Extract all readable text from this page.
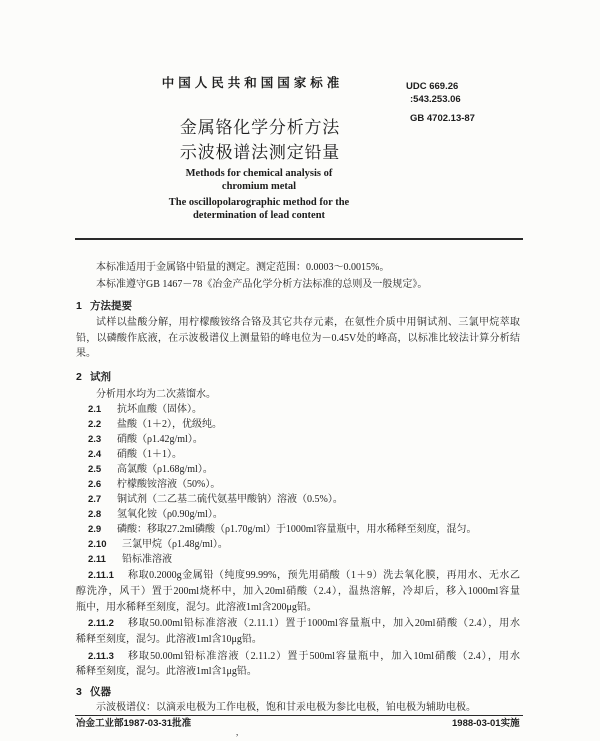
中国人民共和国国家标准	UDC 669.26
:543.253.06
GB 4702.13-87
金属铬化学分析方法
示波极谱法测定铅量
Methods for chemical analysis of
chromium metal
The oscillopolarographic method for the
determination of lead content
本标准适用于金属铬中铅量的测定。测定范围：0.0003～0.0015%。
本标准遵守GB 1467－78《冶金产品化学分析方法标准的总则及一般规定》。
1 方法提要
试样以盐酸分解，用柠檬酸铵络合铬及其它共存元素，在氨性介质中用铜试剂、三氯甲烷萃取
铅，以磷酸作底液，在示波极谱仪上测量铅的峰电位为－0.45V处的峰高，以标准比较法计算分析结
果。
2 试剂
分析用水均为二次蒸馏水。
2.1 抗坏血酸（固体）。
2.2 盐酸（1＋2），优级纯。
2.3 硝酸（ρ1.42g/ml）。
2.4 硝酸（1＋1）。
2.5 高氯酸（ρ1.68g/ml）。
2.6 柠檬酸铵溶液（50%）。
2.7 铜试剂（二乙基二硫代氨基甲酸钠）溶液（0.5%）。
2.8 氢氧化铵（ρ0.90g/ml）。
2.9 磷酸：移取27.2ml磷酸（ρ1.70g/ml）于1000ml容量瓶中，用水稀释至刻度，混匀。
2.10 三氯甲烷（ρ1.48g/ml）。
2.11 铅标准溶液
2.11.1 称取0.2000g金属铅（纯度99.99%，预先用硝酸（1＋9）洗去氧化膜，再用水、无水乙
醇洗净，风干）置于200ml烧杯中，加入20ml硝酸（2.4），温热溶解，冷却后，移入1000ml容量
瓶中，用水稀释至刻度，混匀。此溶液1ml含200μg铅。
2.11.2 移取50.00ml铅标准溶液（2.11.1）置于1000ml容量瓶中，加入20ml硝酸（2.4），用水
稀释至刻度，混匀。此溶液1ml含10μg铅。
2.11.3 移取50.00ml铅标准溶液（2.11.2）置于500ml容量瓶中，加入10ml硝酸（2.4），用水
稀释至刻度，混匀。此溶液1ml含1μg铅。
3 仪器
示波极谱仪：以滴汞电极为工作电极，饱和甘汞电极为参比电极，铂电极为辅助电极。
冶金工业部1987-03-31批准	1988-03-01实施
,
